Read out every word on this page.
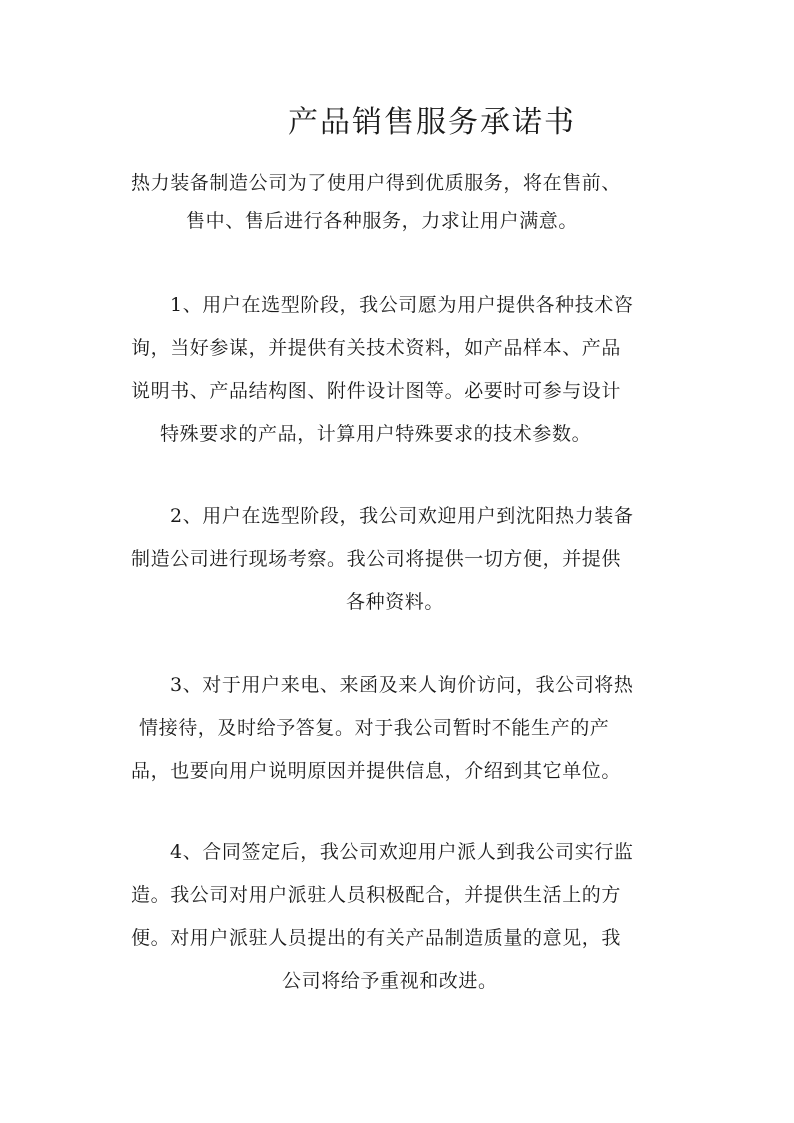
产品销售服务承诺书
热力装备制造公司为了使用户得到优质服务，将在售前、
售中、售后进行各种服务，力求让用户满意。
1、用户在选型阶段，我公司愿为用户提供各种技术咨
询，当好参谋，并提供有关技术资料，如产品样本、产品
说明书、产品结构图、附件设计图等。必要时可参与设计
特殊要求的产品，计算用户特殊要求的技术参数。
2、用户在选型阶段，我公司欢迎用户到沈阳热力装备
制造公司进行现场考察。我公司将提供一切方便，并提供
各种资料。
3、对于用户来电、来函及来人询价访问，我公司将热
情接待，及时给予答复。对于我公司暂时不能生产的产
品，也要向用户说明原因并提供信息，介绍到其它单位。
4、合同签定后，我公司欢迎用户派人到我公司实行监
造。我公司对用户派驻人员积极配合，并提供生活上的方
便。对用户派驻人员提出的有关产品制造质量的意见，我
公司将给予重视和改进。
